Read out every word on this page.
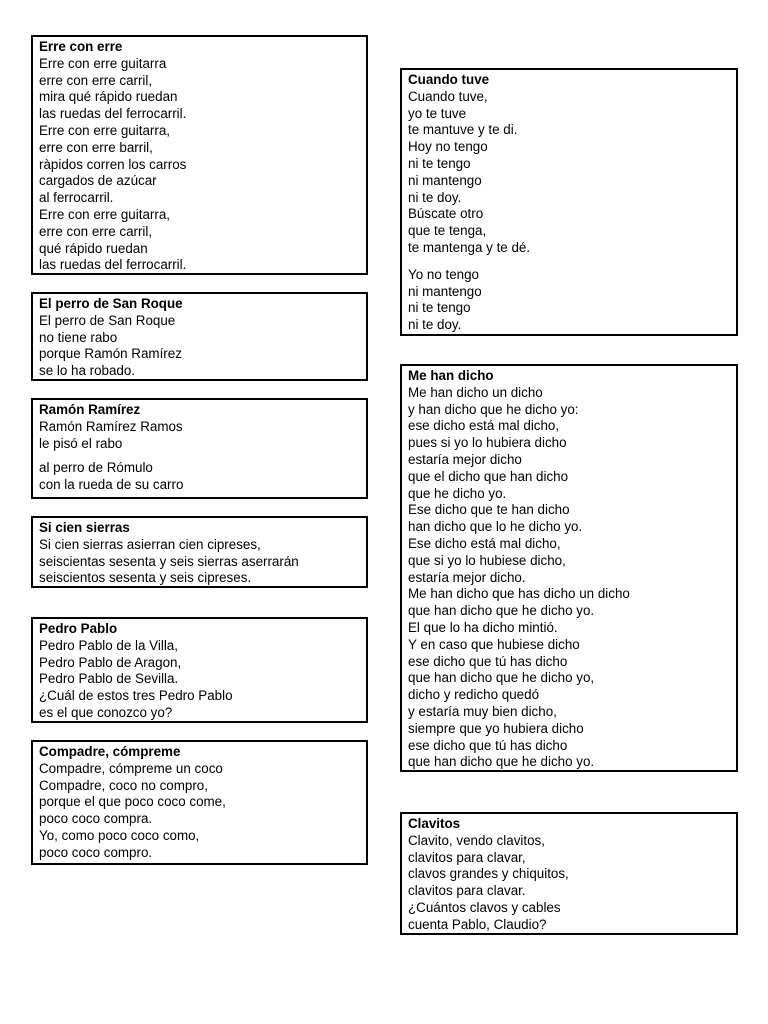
Erre con erre
Erre con erre guitarra
erre con erre carril,
mira qué rápido ruedan
las ruedas del ferrocarril.
Erre con erre guitarra,
erre con erre barril,
ràpidos corren los carros
cargados de azúcar
al ferrocarril.
Erre con erre guitarra,
erre con erre carril,
qué rápido ruedan
las ruedas del ferrocarril.
El perro de San Roque
El perro de San Roque
no tiene rabo
porque Ramón Ramírez
se lo ha robado.
Ramón Ramírez
Ramón Ramírez Ramos
le pisó el rabo
al perro de Rómulo
con la rueda de su carro
Si cien sierras
Si cien sierras asierran cien cipreses,
seiscientas sesenta y seis sierras aserrarán
seiscientos sesenta y seis cipreses.
Pedro Pablo
Pedro Pablo de la Villa,
Pedro Pablo de Aragon,
Pedro Pablo de Sevilla.
¿Cuál de estos tres Pedro Pablo
es el que conozco yo?
Compadre, cómpreme
Compadre, cómpreme un coco
Compadre, coco no compro,
porque el que poco coco come,
poco coco compra.
Yo, como poco coco como,
poco coco compro.
Cuando tuve
Cuando tuve,
yo te tuve
te mantuve y te di.
Hoy no tengo
ni te tengo
ni mantengo
ni te doy.
Búscate otro
que te tenga,
te mantenga y te dé.
Yo no tengo
ni mantengo
ni te tengo
ni te doy.
Me han dicho
Me han dicho un dicho
y han dicho que he dicho yo:
ese dicho está mal dicho,
pues si yo lo hubiera dicho
estaría mejor dicho
que el dicho que han dicho
que he dicho yo.
Ese dicho que te han dicho
han dicho que lo he dicho yo.
Ese dicho está mal dicho,
que si yo lo hubiese dicho,
estaría mejor dicho.
Me han dicho que has dicho un dicho
que han dicho que he dicho yo.
El que lo ha dicho mintió.
Y en caso que hubiese dicho
ese dicho que tú has dicho
que han dicho que he dicho yo,
dicho y redicho quedó
y estaría muy bien dicho,
siempre que yo hubiera dicho
ese dicho que tú has dicho
que han dicho que he dicho yo.
Clavitos
Clavito, vendo clavitos,
clavitos para clavar,
clavos grandes y chiquitos,
clavitos para clavar.
¿Cuántos clavos y cables
cuenta Pablo, Claudio?
